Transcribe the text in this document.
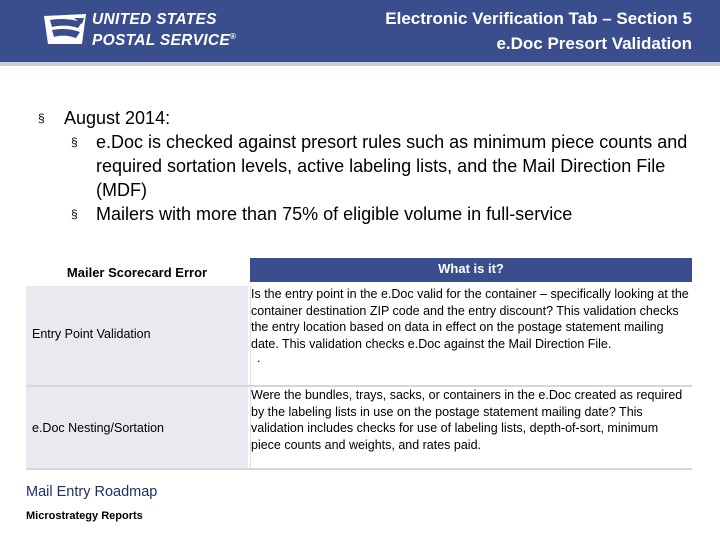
UNITED STATES
POSTAL SERVICE®
Electronic Verification Tab – Section 5
e.Doc Presort Validation
§ August 2014:
§ e.Doc is checked against presort rules such as minimum piece counts and required sortation levels, active labeling lists, and the Mail Direction File (MDF)
§ Mailers with more than 75% of eligible volume in full-service
Mailer Scorecard Error	What is it?
Entry Point Validation
Is the entry point in the e.Doc valid for the container – specifically looking at the container destination ZIP code and the entry discount? This validation checks the entry location based on data in effect on the postage statement mailing date. This validation checks e.Doc against the Mail Direction File.
.
e.Doc Nesting/Sortation
Were the bundles, trays, sacks, or containers in the e.Doc created as required by the labeling lists in use on the postage statement mailing date? This validation includes checks for use of labeling lists, depth-of-sort, minimum piece counts and weights, and rates paid.
Mail Entry Roadmap
Microstrategy Reports
